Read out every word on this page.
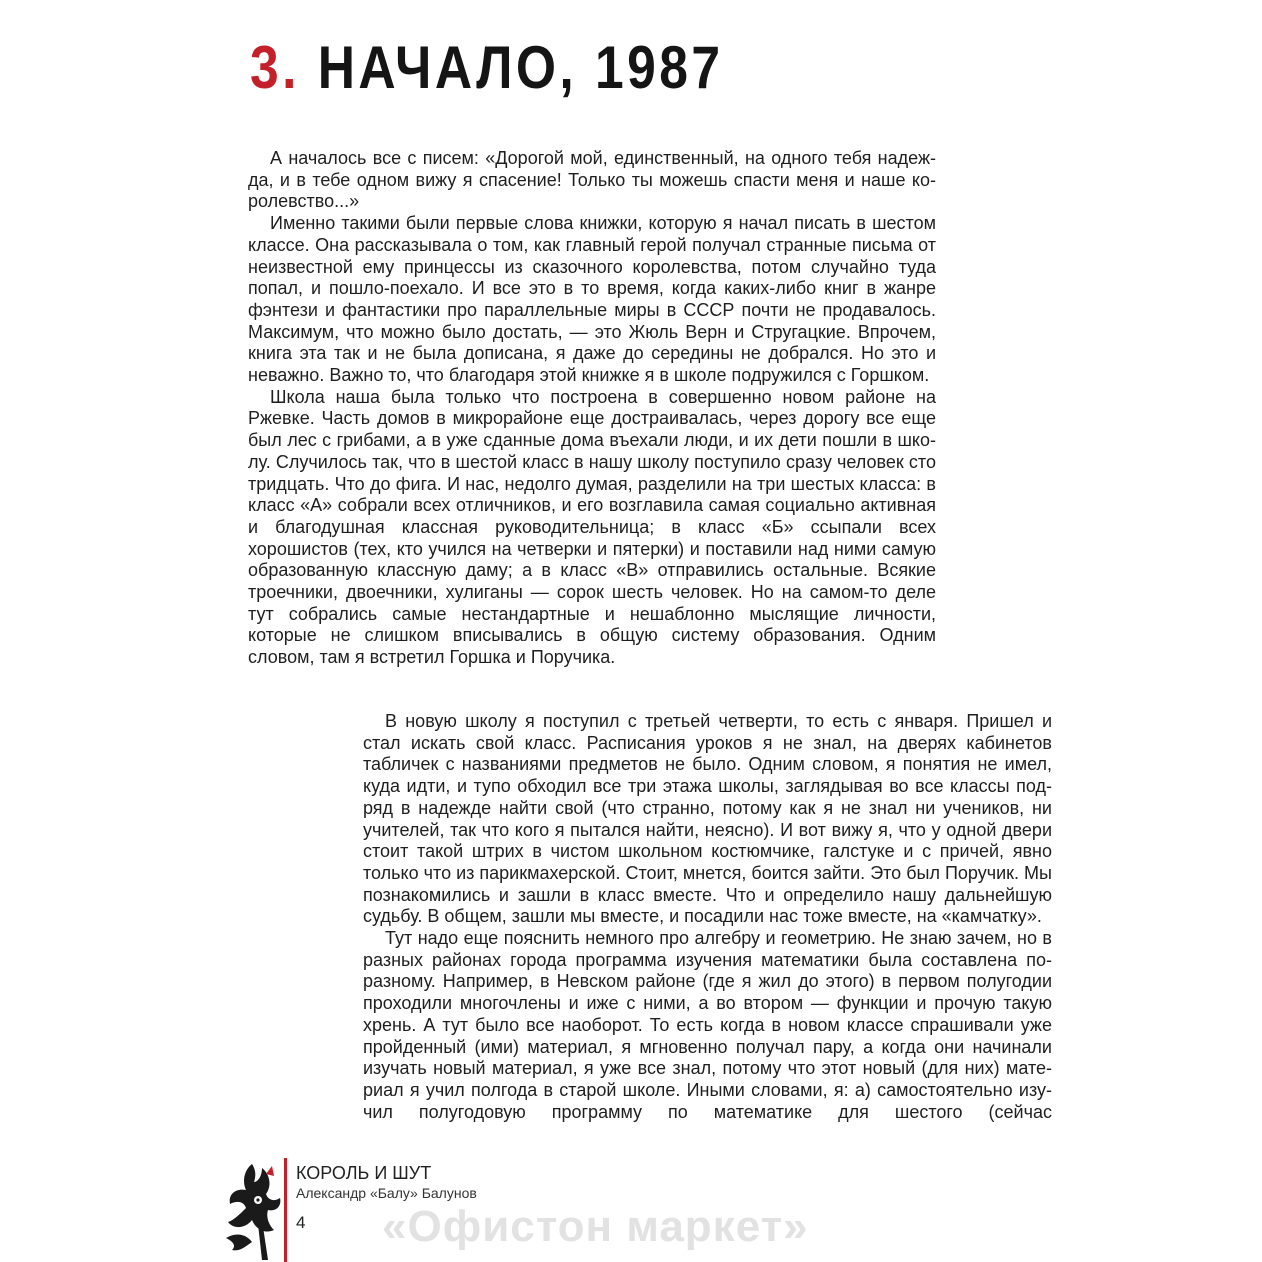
3. НАЧАЛО, 1987

А началось все с писем: «Дорогой мой, единственный, на одного тебя надежда, и в тебе одном вижу я спасение! Только ты можешь спасти меня и наше королевство...»

Именно такими были первые слова книжки, которую я начал писать в шестом классе. Она рассказывала о том, как главный герой получал странные письма от неизвестной ему принцессы из сказочного королевства, потом случайно туда попал, и пошло-поехало. И все это в то время, когда каких-либо книг в жанре фэнтези и фантастики про параллельные миры в СССР почти не продавалось. Максимум, что можно было достать, — это Жюль Верн и Стругацкие. Впрочем, книга эта так и не была дописана, я даже до середины не добрался. Но это и неважно. Важно то, что благодаря этой книжке я в школе подружился с Горшком.

Школа наша была только что построена в совершенно новом районе на Ржевке. Часть домов в микрорайоне еще достраивалась, через дорогу все еще был лес с грибами, а в уже сданные дома въехали люди, и их дети пошли в школу. Случилось так, что в шестой класс в нашу школу поступило сразу человек сто тридцать. Что до фига. И нас, недолго думая, разделили на три шестых класса: в класс «А» собрали всех отличников, и его возглавила самая социально активная и благодушная классная руководительница; в класс «Б» ссыпали всех хорошистов (тех, кто учился на четверки и пятерки) и поставили над ними самую образованную классную даму; а в класс «В» отправились остальные. Всякие троечники, двоечники, хулиганы — сорок шесть человек. Но на самом-то деле тут собрались самые нестандартные и нешаблонно мыслящие личности, которые не слишком вписывались в общую систему образования. Одним словом, там я встретил Горшка и Поручика.

В новую школу я поступил с третьей четверти, то есть с января. Пришел и стал искать свой класс. Расписания уроков я не знал, на дверях кабинетов табличек с названиями предметов не было. Одним словом, я понятия не имел, куда идти, и тупо обходил все три этажа школы, заглядывая во все классы подряд в надежде найти свой (что странно, потому как я не знал ни учеников, ни учителей, так что кого я пытался найти, неясно). И вот вижу я, что у одной двери стоит такой штрих в чистом школьном костюмчике, галстуке и с причей, явно только что из парикмахерской. Стоит, мнется, боится зайти. Это был Поручик. Мы познакомились и зашли в класс вместе. Что и определило нашу дальнейшую судьбу. В общем, зашли мы вместе, и посадили нас тоже вместе, на «камчатку».

Тут надо еще пояснить немного про алгебру и геометрию. Не знаю зачем, но в разных районах города программа изучения математики была составлена поразному. Например, в Невском районе (где я жил до этого) в первом полугодии проходили многочлены и иже с ними, а во втором — функции и прочую такую хрень. А тут было все наоборот. То есть когда в новом классе спрашивали уже пройденный (ими) материал, я мгновенно получал пару, а когда они начинали изучать новый материал, я уже все знал, потому что этот новый (для них) материал я учил полгода в старой школе. Иными словами, я: а) самостоятельно изучил полугодовую программу по математике для шестого (сейчас

КОРОЛЬ И ШУТ
Александр «Балу» Балунов
4 «Офистон маркет»
